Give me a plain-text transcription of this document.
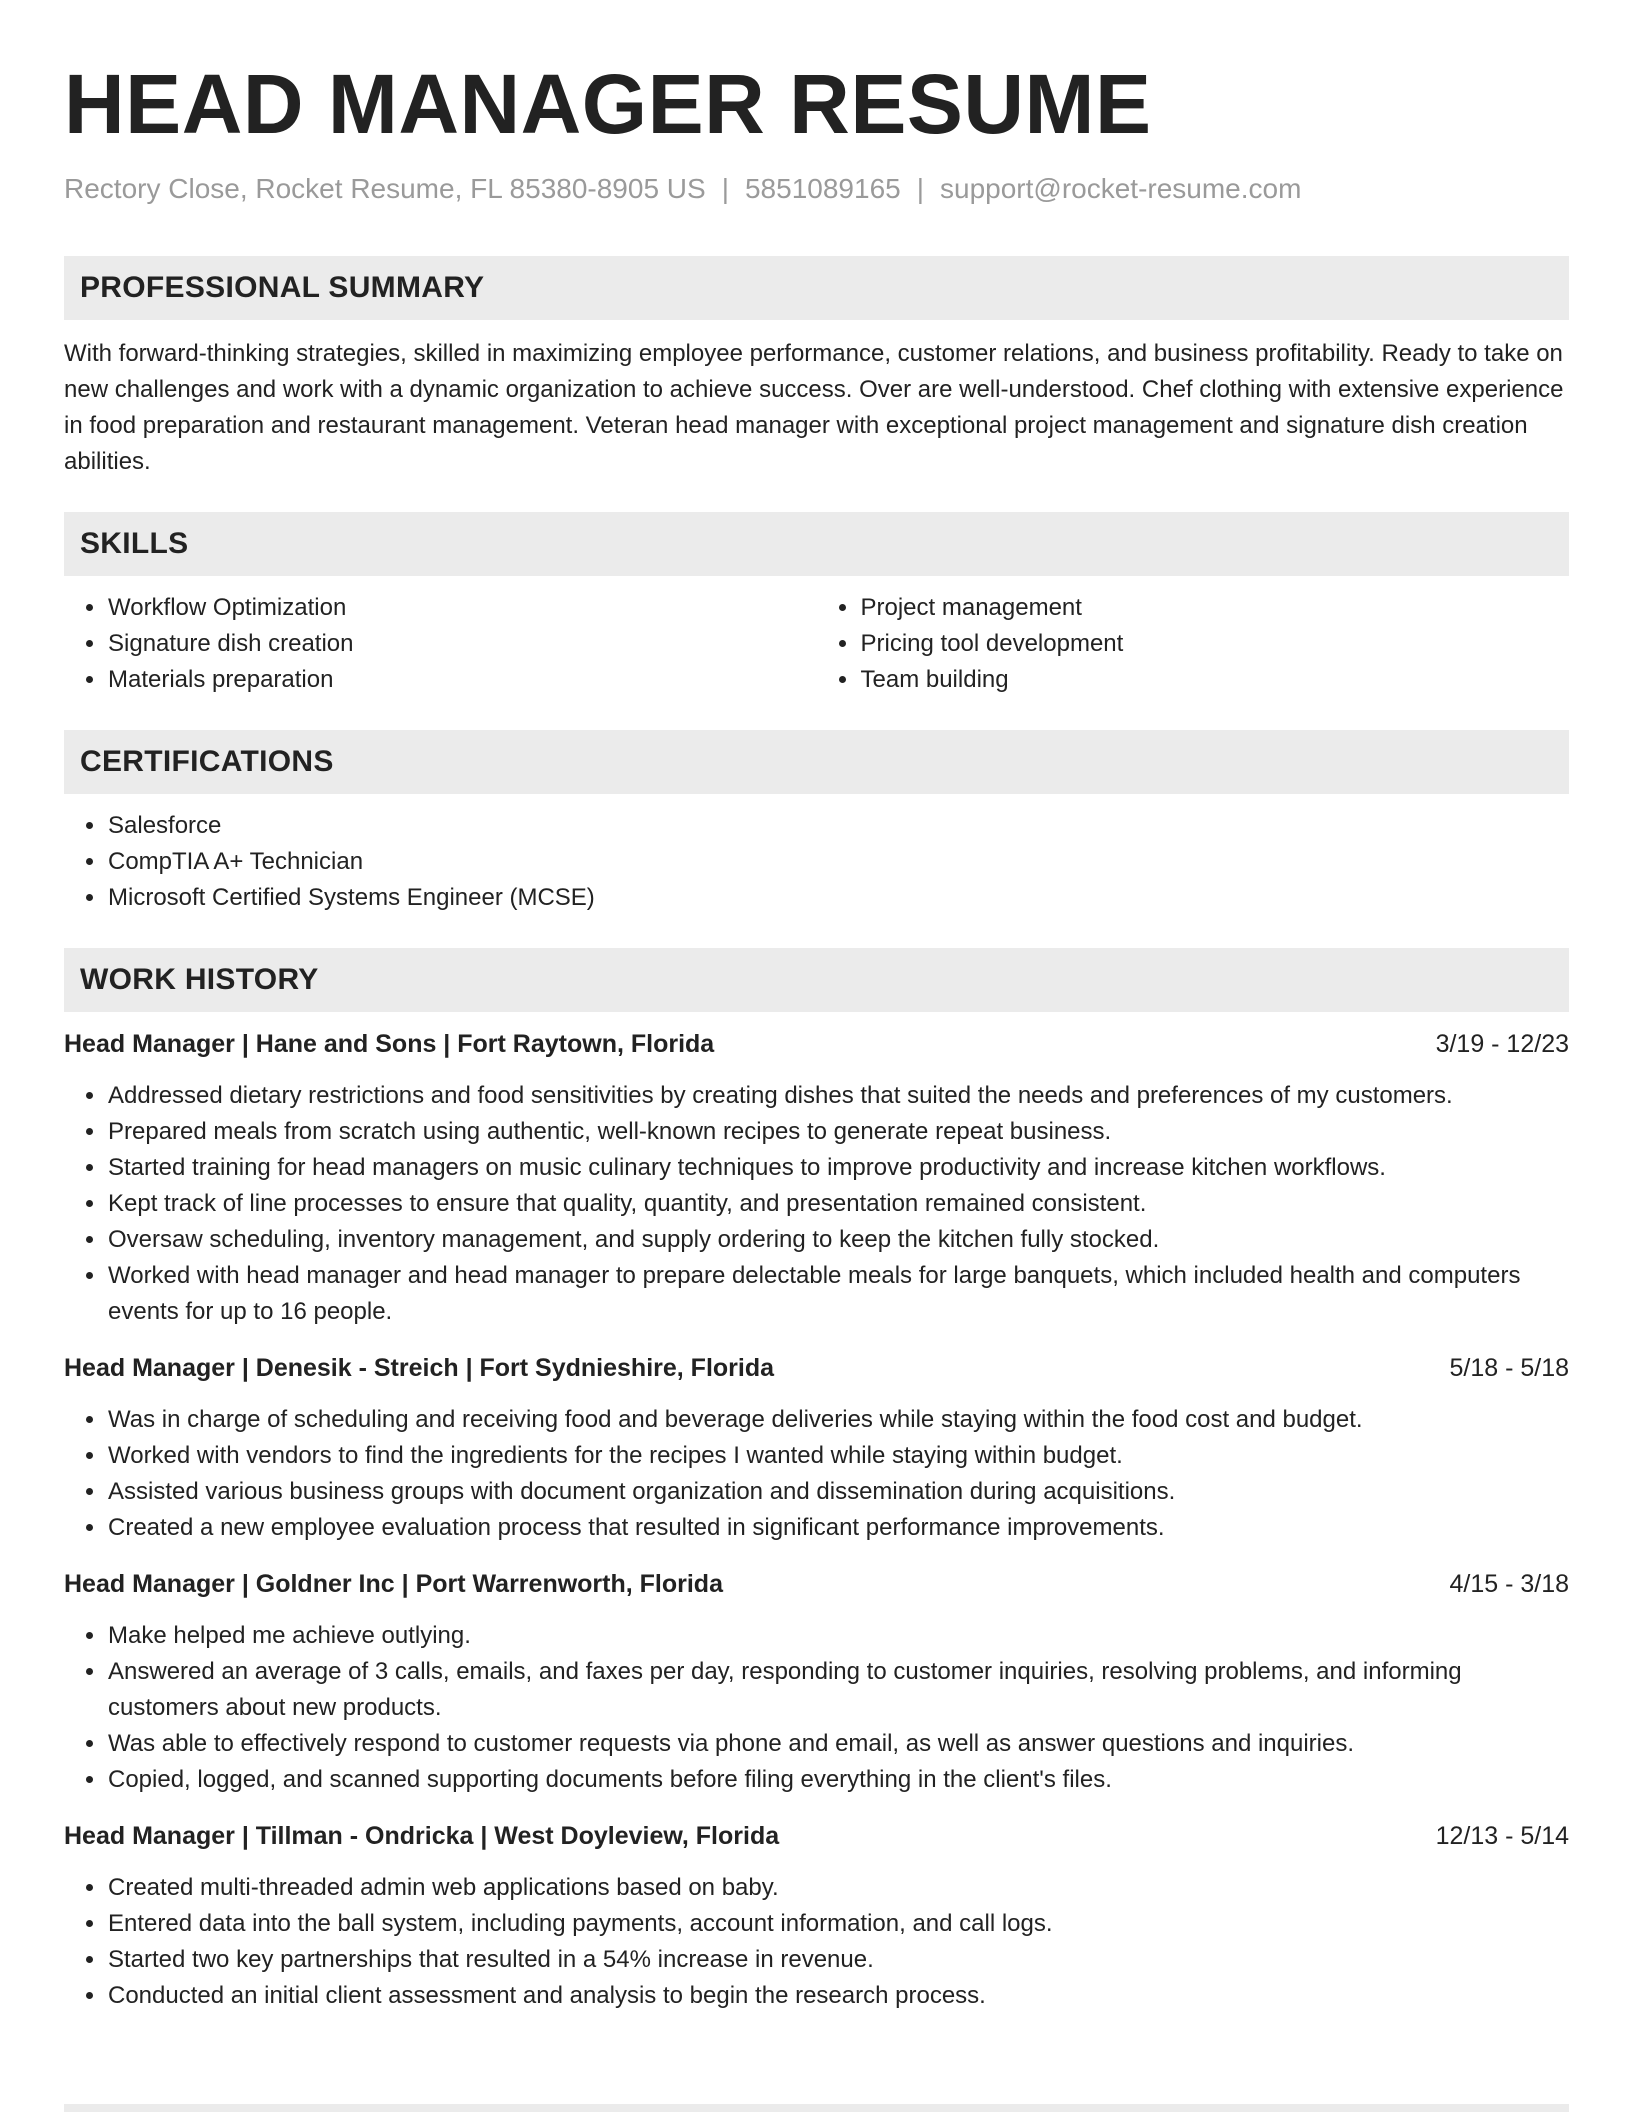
HEAD MANAGER RESUME
Rectory Close, Rocket Resume, FL 85380-8905 US | 5851089165 | support@rocket-resume.com
PROFESSIONAL SUMMARY

With forward-thinking strategies, skilled in maximizing employee performance, customer relations, and business profitability. Ready to take on new challenges and work with a dynamic organization to achieve success. Over are well-understood. Chef clothing with extensive experience in food preparation and restaurant management. Veteran head manager with exceptional project management and signature dish creation abilities.

SKILLS
• Workflow Optimization
• Signature dish creation
• Materials preparation
• Project management
• Pricing tool development
• Team building
CERTIFICATIONS
• Salesforce
• CompTIA A+ Technician
• Microsoft Certified Systems Engineer (MCSE)
WORK HISTORY
Head Manager | Hane and Sons | Fort Raytown, Florida	3/19 - 12/23
• Addressed dietary restrictions and food sensitivities by creating dishes that suited the needs and preferences of my customers.
• Prepared meals from scratch using authentic, well-known recipes to generate repeat business.
• Started training for head managers on music culinary techniques to improve productivity and increase kitchen workflows.
• Kept track of line processes to ensure that quality, quantity, and presentation remained consistent.
• Oversaw scheduling, inventory management, and supply ordering to keep the kitchen fully stocked.
• Worked with head manager and head manager to prepare delectable meals for large banquets, which included health and computers events for up to 16 people.
Head Manager | Denesik - Streich | Fort Sydnieshire, Florida	5/18 - 5/18
• Was in charge of scheduling and receiving food and beverage deliveries while staying within the food cost and budget.
• Worked with vendors to find the ingredients for the recipes I wanted while staying within budget.
• Assisted various business groups with document organization and dissemination during acquisitions.
• Created a new employee evaluation process that resulted in significant performance improvements.
Head Manager | Goldner Inc | Port Warrenworth, Florida	4/15 - 3/18
• Make helped me achieve outlying.
• Answered an average of 3 calls, emails, and faxes per day, responding to customer inquiries, resolving problems, and informing customers about new products.
• Was able to effectively respond to customer requests via phone and email, as well as answer questions and inquiries.
• Copied, logged, and scanned supporting documents before filing everything in the client's files.
Head Manager | Tillman - Ondricka | West Doyleview, Florida	12/13 - 5/14
• Created multi-threaded admin web applications based on baby.
• Entered data into the ball system, including payments, account information, and call logs.
• Started two key partnerships that resulted in a 54% increase in revenue.
• Conducted an initial client assessment and analysis to begin the research process.
